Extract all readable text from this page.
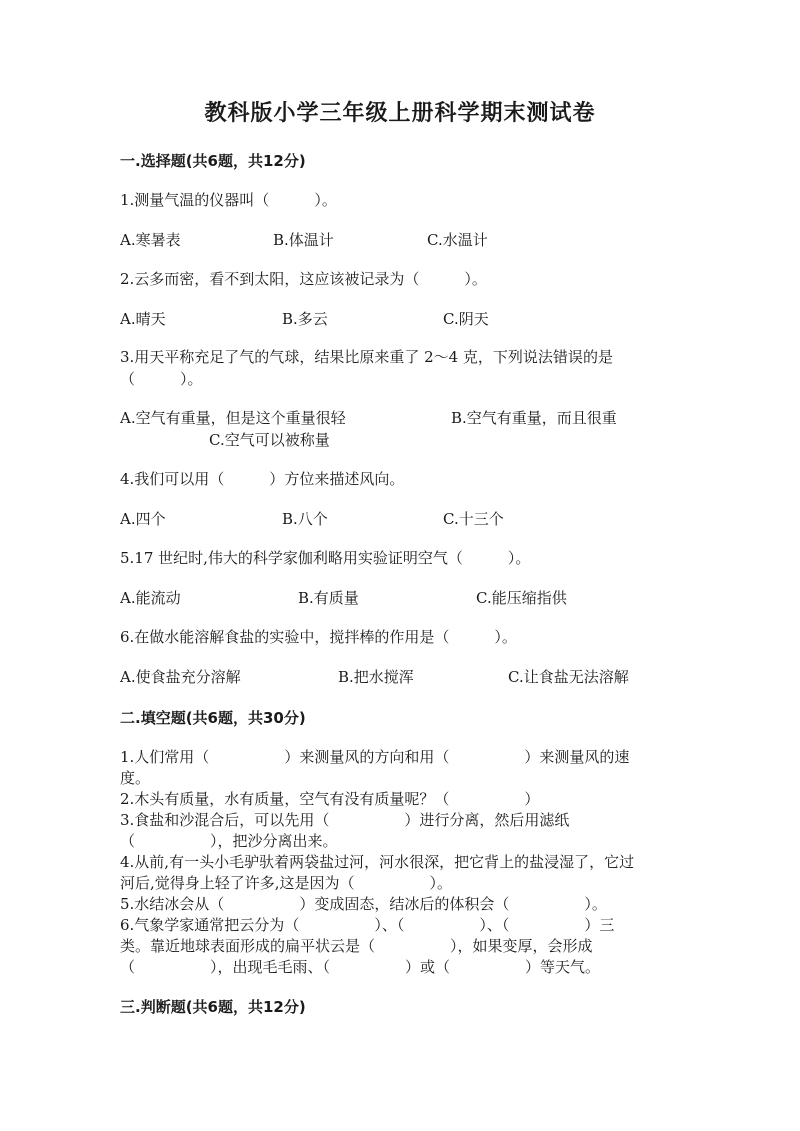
教科版小学三年级上册科学期末测试卷
一.选择题(共6题，共12分)
1.测量气温的仪器叫（　　　）。
A.寒暑表	B.体温计	C.水温计
2.云多而密，看不到太阳，这应该被记录为（　　　）。
A.晴天	B.多云	C.阴天
3.用天平称充足了气的气球，结果比原来重了 2～4 克，下列说法错误的是
（　　　）。
A.空气有重量，但是这个重量很轻	B.空气有重量，而且很重
C.空气可以被称量
4.我们可以用（　　　）方位来描述风向。
A.四个	B.八个	C.十三个
5.17 世纪时,伟大的科学家伽利略用实验证明空气（　　　）。
A.能流动	B.有质量	C.能压缩指供
6.在做水能溶解食盐的实验中，搅拌棒的作用是（　　　）。
A.使食盐充分溶解	B.把水搅浑	C.让食盐无法溶解
二.填空题(共6题，共30分)
1.人们常用（　　　　　）来测量风的方向和用（　　　　　）来测量风的速
度。
2.木头有质量，水有质量，空气有没有质量呢？（　　　　　）
3.食盐和沙混合后，可以先用（　　　　　）进行分离，然后用滤纸
（　　　　　），把沙分离出来。
4.从前,有一头小毛驴驮着两袋盐过河，河水很深，把它背上的盐浸湿了，它过
河后,觉得身上轻了许多,这是因为（　　　　　）。
5.水结冰会从（　　　　　）变成固态，结冰后的体积会（　　　　　）。
6.气象学家通常把云分为（　　　　　）、（　　　　　）、（　　　　　）三
类。靠近地球表面形成的扁平状云是（　　　　　），如果变厚，会形成
（　　　　　），出现毛毛雨、（　　　　　）或（　　　　　）等天气。
三.判断题(共6题，共12分)
